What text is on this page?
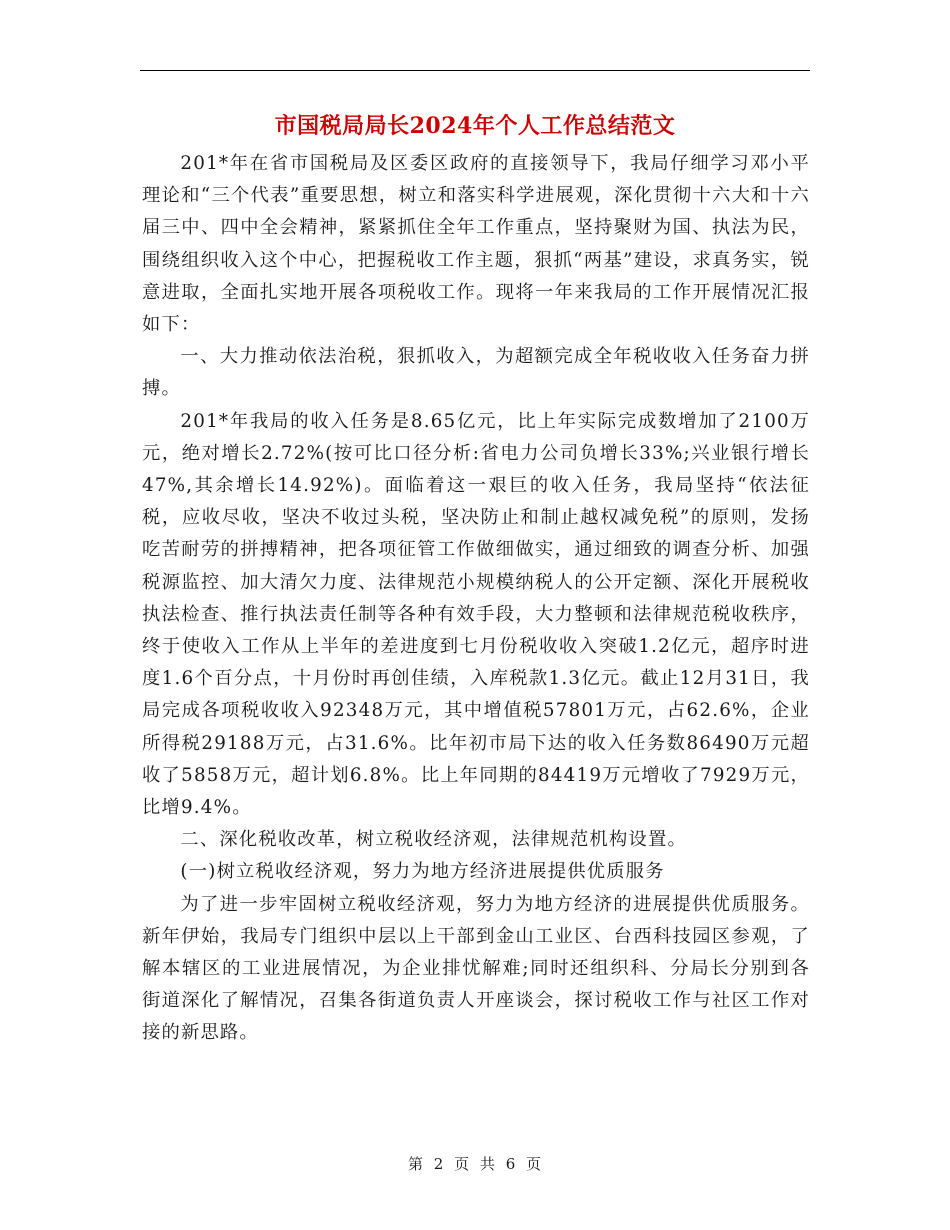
市国税局局长2024年个人工作总结范文

201*年在省市国税局及区委区政府的直接领导下，我局仔细学习邓小平理论和“三个代表”重要思想，树立和落实科学进展观，深化贯彻十六大和十六届三中、四中全会精神，紧紧抓住全年工作重点，坚持聚财为国、执法为民，围绕组织收入这个中心，把握税收工作主题，狠抓“两基”建设，求真务实，锐意进取，全面扎实地开展各项税收工作。现将一年来我局的工作开展情况汇报如下：

一、大力推动依法治税，狠抓收入，为超额完成全年税收收入任务奋力拼搏。

201*年我局的收入任务是8.65亿元，比上年实际完成数增加了2100万元，绝对增长2.72%(按可比口径分析:省电力公司负增长33%;兴业银行增长47%,其余增长14.92%)。面临着这一艰巨的收入任务，我局坚持“依法征税，应收尽收，坚决不收过头税，坚决防止和制止越权减免税”的原则，发扬吃苦耐劳的拼搏精神，把各项征管工作做细做实，通过细致的调查分析、加强税源监控、加大清欠力度、法律规范小规模纳税人的公开定额、深化开展税收执法检查、推行执法责任制等各种有效手段，大力整顿和法律规范税收秩序，终于使收入工作从上半年的差进度到七月份税收收入突破1.2亿元，超序时进度1.6个百分点，十月份时再创佳绩，入库税款1.3亿元。截止12月31日，我局完成各项税收收入92348万元，其中增值税57801万元，占62.6%，企业所得税29188万元，占31.6%。比年初市局下达的收入任务数86490万元超收了5858万元，超计划6.8%。比上年同期的84419万元增收了7929万元，比增9.4%。

二、深化税收改革，树立税收经济观，法律规范机构设置。

(一)树立税收经济观，努力为地方经济进展提供优质服务

为了进一步牢固树立税收经济观，努力为地方经济的进展提供优质服务。新年伊始，我局专门组织中层以上干部到金山工业区、台西科技园区参观，了解本辖区的工业进展情况，为企业排忧解难;同时还组织科、分局长分别到各街道深化了解情况，召集各街道负责人开座谈会，探讨税收工作与社区工作对接的新思路。

第 2 页 共 6 页
